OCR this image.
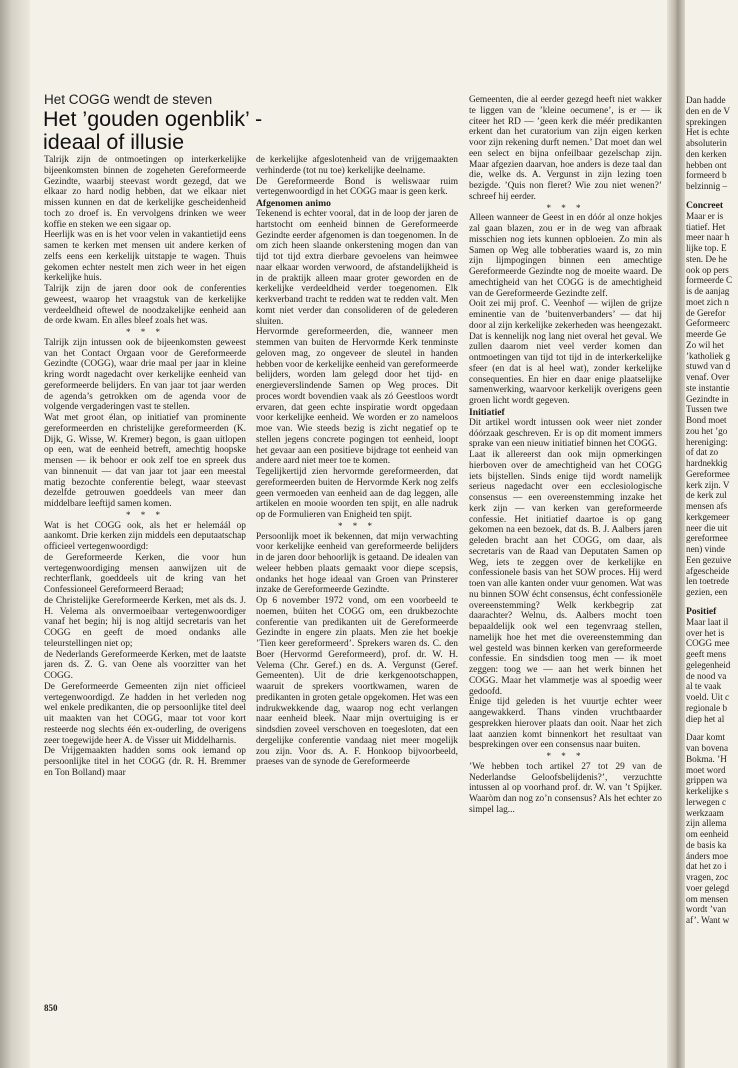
Het COGG wendt de steven
Het ’gouden ogenblik’ - ideaal of illusie

Talrijk zijn de ontmoetingen op interkerkelijke bijeenkomsten binnen de zogeheten Gereformeerde Gezindte, waarbij steevast wordt gezegd, dat we elkaar zo hard nodig hebben, dat we elkaar niet missen kunnen en dat de kerkelijke gescheidenheid toch zo droef is. En vervolgens drinken we weer koffie en steken we een sigaar op.

Heerlijk was en is het voor velen in vakantietijd eens samen te kerken met mensen uit andere kerken of zelfs eens een kerkelijk uitstapje te wagen. Thuis gekomen echter nestelt men zich weer in het eigen kerkelijke huis.

Talrijk zijn de jaren door ook de conferenties geweest, waarop het vraagstuk van de kerkelijke verdeeldheid oftewel de noodzakelijke eenheid aan de orde kwam. En alles bleef zoals het was.

* * *

Talrijk zijn intussen ook de bijeenkomsten geweest van het Contact Orgaan voor de Gereformeerde Gezindte (COGG), waar drie maal per jaar in kleine kring wordt nagedacht over kerkelijke eenheid van gereformeerde belijders. En van jaar tot jaar werden de agenda’s getrokken om de agenda voor de volgende vergaderingen vast te stellen.

Wat met groot élan, op initiatief van prominente gereformeerden en christelijke gereformeerden (K. Dijk, G. Wisse, W. Kremer) begon, is gaan uitlopen op een, wat de eenheid betreft, amechtig hoopske mensen — ik behoor er ook zelf toe en spreek dus van binnenuit — dat van jaar tot jaar een meestal matig bezochte conferentie belegt, waar steevast dezelfde getrouwen goeddeels van meer dan middelbare leeftijd samen komen.

* * *

Wat is het COGG ook, als het er helemáál op aankomt. Drie kerken zijn middels een deputaatschap officieel vertegenwoordigd:

de Gereformeerde Kerken, die voor hun vertegenwoordiging mensen aanwijzen uit de rechterflank, goeddeels uit de kring van het Confessioneel Gereformeerd Beraad;

de Christelijke Gereformeerde Kerken, met als ds. J. H. Velema als onvermoeibaar vertegenwoordiger vanaf het begin; hij is nog altijd secretaris van het COGG en geeft de moed ondanks alle teleurstellingen niet op;

de Nederlands Gereformeerde Kerken, met de laatste jaren ds. Z. G. van Oene als voorzitter van het COGG.

De Gereformeerde Gemeenten zijn niet officieel vertegenwoordigd. Ze hadden in het verleden nog wel enkele predikanten, die op persoonlijke titel deel uit maakten van het COGG, maar tot voor kort resteerde nog slechts één ex-ouderling, de overigens zeer toegewijde heer A. de Visser uit Middelharnis.

De Vrijgemaakten hadden soms ook iemand op persoonlijke titel in het COGG (dr. R. H. Bremmer en Ton Bolland) maar

de kerkelijke afgeslotenheid van de vrijgemaakten verhinderde (tot nu toe) kerkelijke deelname.

De Gereformeerde Bond is weliswaar ruim vertegenwoordigd in het COGG maar is geen kerk.

Afgenomen animo

Tekenend is echter vooral, dat in de loop der jaren de hartstocht om eenheid binnen de Gereformeerde Gezindte eerder afgenomen is dan toegenomen. In de om zich heen slaande onkerstening mogen dan van tijd tot tijd extra dierbare gevoelens van heimwee naar elkaar worden verwoord, de afstandelijkheid is in de praktijk alleen maar groter geworden en de kerkelijke verdeeldheid verder toegenomen. Elk kerkverband tracht te redden wat te redden valt. Men komt niet verder dan consolideren of de gelederen sluiten.

Hervormde gereformeerden, die, wanneer men stemmen van buiten de Hervormde Kerk tenminste geloven mag, zo ongeveer de sleutel in handen hebben voor de kerkelijke eenheid van gereformeerde belijders, worden lam gelegd door het tijd- en energieverslindende Samen op Weg proces. Dit proces wordt bovendien vaak als zó Geestloos wordt ervaren, dat geen echte inspiratie wordt opgedaan voor kerkelijke eenheid. We worden er zo nameloos moe van. Wie steeds bezig is zicht negatief op te stellen jegens concrete pogingen tot eenheid, loopt het gevaar aan een positieve bijdrage tot eenheid van andere aard niet meer toe te komen.

Tegelijkertijd zien hervormde gereformeerden, dat gereformeerden buiten de Hervormde Kerk nog zelfs geen vermoeden van eenheid aan de dag leggen, alle artikelen en mooie woorden ten spijt, en alle nadruk op de Formulieren van Enigheid ten spijt.

* * *

Persoonlijk moet ik bekennen, dat mijn verwachting voor kerkelijke eenheid van gereformeerde belijders in de jaren door behoorlijk is getaand. De idealen van weleer hebben plaats gemaakt voor diepe scepsis, ondanks het hoge ideaal van Groen van Prinsterer inzake de Gereformeerde Gezindte.

Op 6 november 1972 vond, om een voorbeeld te noemen, búiten het COGG om, een drukbezochte conferentie van predikanten uit de Gereformeerde Gezindte in engere zin plaats. Men zie het boekje ’Tien keer gereformeerd’. Sprekers waren ds. C. den Boer (Hervormd Gereformeerd), prof. dr. W. H. Velema (Chr. Geref.) en ds. A. Vergunst (Geref. Gemeenten). Uit de drie kerkgenootschappen, waaruit de sprekers voortkwamen, waren de predikanten in groten getale opgekomen. Het was een indrukwekkende dag, waarop nog echt verlangen naar eenheid bleek. Naar mijn overtuiging is er sindsdien zoveel verschoven en toegesloten, dat een dergelijke conferentie vandaag niet meer mogelijk zou zijn. Voor ds. A. F. Honkoop bijvoorbeeld, praeses van de synode de Gereformeerde

Gemeenten, die al eerder gezegd heeft niet wakker te liggen van de ’kleine oecumene’, is er — ik citeer het RD — ’geen kerk die méér predikanten erkent dan het curatorium van zijn eigen kerken voor zijn rekening durft nemen.’ Dat moet dan wel een select en bijna onfeilbaar gezelschap zijn. Maar afgezien daarvan, hoe anders is deze taal dan die, welke ds. A. Vergunst in zijn lezing toen bezigde. ’Quis non fleret? Wie zou niet wenen?’ schreef hij eerder.

* * *

Alleen wanneer de Geest in en dóór al onze hokjes zal gaan blazen, zou er in de weg van afbraak misschien nog iets kunnen opbloeien. Zo min als Samen op Weg alle tobberaties waard is, zo min zijn lijmpogingen binnen een amechtige Gereformeerde Gezindte nog de moeite waard. De amechtigheid van het COGG is de amechtigheid van de Gereformeerde Gezindte zelf.

Ooit zei mij prof. C. Veenhof — wijlen de grijze eminentie van de ’buitenverbanders’ — dat hij door al zijn kerkelijke zekerheden was heengezakt. Dat is kennelijk nog lang niet overal het geval. We zullen daarom niet veel verder komen dan ontmoetingen van tijd tot tijd in de interkerkelijke sfeer (en dat is al heel wat), zonder kerkelijke consequenties. En hier en daar enige plaatselijke samenwerking, waarvoor kerkelijk overigens geen groen licht wordt gegeven.

Initiatief

Dit artikel wordt intussen ook weer niet zonder dóórzaak geschreven. Er is op dit moment immers sprake van een nieuw initiatief binnen het COGG.

Laat ik allereerst dan ook mijn opmerkingen hierboven over de amechtigheid van het COGG iets bijstellen. Sinds enige tijd wordt namelijk serieus nagedacht over een ecclesiologische consensus — een overeenstemming inzake het kerk zijn — van kerken van gereformeerde confessie. Het initiatief daartoe is op gang gekomen na een bezoek, dat ds. B. J. Aalbers jaren geleden bracht aan het COGG, om daar, als secretaris van de Raad van Deputaten Samen op Weg, iets te zeggen over de kerkelijke en confessionele basis van het SOW proces. Hij werd toen van alle kanten onder vuur genomen. Wat was nu binnen SOW écht consensus, écht confessionële overeenstemming? Welk kerkbegrip zat daarachter? Welnu, ds. Aalbers mocht toen bepaaldelijk ook wel een tegenvraag stellen, namelijk hoe het met die overeenstemming dan wel gesteld was binnen kerken van gereformeerde confessie. En sindsdien toog men — ik moet zeggen: toog we — aan het werk binnen het COGG. Maar het vlammetje was al spoedig weer gedoofd.

Enige tijd geleden is het vuurtje echter weer aangewakkerd. Thans vinden vruchtbaarder gesprekken hierover plaats dan ooit. Naar het zich laat aanzien komt binnenkort het resultaat van besprekingen over een consensus naar buiten.

* * *

’We hebben toch artikel 27 tot 29 van de Nederlandse Geloofsbelijdenis?’, verzuchtte intussen al op voorhand prof. dr. W. van ’t Spijker. Waaròm dan nog zo’n consensus? Als het echter zo simpel lag...

Dan hadde
den en de V
sprekingen
Het is echte
absoluterin
den kerken
hebben ont
formeerd b
belzinnig –
Concreet
Maar er is
tiatief. Het
meer naar h
lijke top. E
sten. De he
ook op pers
formeerde C
is de aanjag
moet zich n
de Gerefor
Geformeerc
meerde Ge
Zo wil het
’katholiek g
stuwd van d
venaf. Over
ste instantie
Gezindte in
Tussen twe
Bond moet
zou het ’go
hereniging:
of dat zo
hardnekkig
Gereformee
kerk zijn. V
de kerk zul
mensen afs
kerkgemeer
neer die uit
gereformee
nen) vinde
Een gezuive
afgescheide
len toetrede
gezien, een
Positief
Maar laat il
over het is
COGG mee
geeft mens
gelegenheid
de nood va
al te vaak
voeld. Uit c
regionale b
diep het al
Daar komt
van bovena
Bokma. ’H
moet word
grippen wa
kerkelijke s
lerwegen c
werkzaam
zijn allema
om eenheid
de basis ka
ánders moe
dat het zo i
vragen, zoc
voer gelegd
om mensen
wordt ’van
af’. Want w
850
